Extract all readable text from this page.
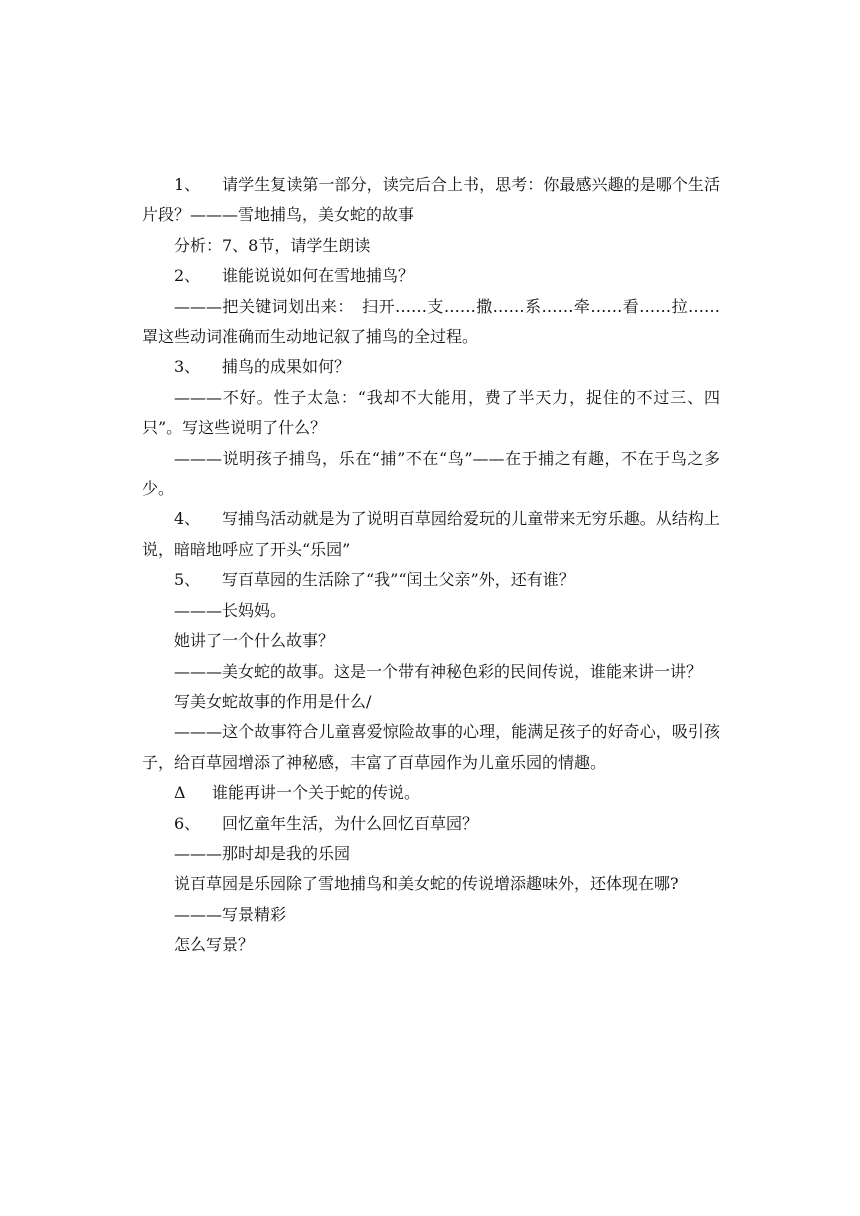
1、 请学生复读第一部分，读完后合上书，思考：你最感兴趣的是哪个生活片段？———雪地捕鸟，美女蛇的故事

分析：7、8节，请学生朗读

2、 谁能说说如何在雪地捕鸟？

———把关键词划出来：　扫开……支……撒……系……牵……看……拉……罩这些动词准确而生动地记叙了捕鸟的全过程。

3、 捕鸟的成果如何？

———不好。性子太急：“我却不大能用，费了半天力，捉住的不过三、四只”。写这些说明了什么？

———说明孩子捕鸟，乐在“捕”不在“鸟”——在于捕之有趣，不在于鸟之多少。

4、 写捕鸟活动就是为了说明百草园给爱玩的儿童带来无穷乐趣。从结构上说，暗暗地呼应了开头“乐园”

5、 写百草园的生活除了“我”“闰土父亲”外，还有谁？

———长妈妈。

她讲了一个什么故事？

———美女蛇的故事。这是一个带有神秘色彩的民间传说，谁能来讲一讲？

写美女蛇故事的作用是什么/

———这个故事符合儿童喜爱惊险故事的心理，能满足孩子的好奇心，吸引孩子，给百草园增添了神秘感，丰富了百草园作为儿童乐园的情趣。

Δ 谁能再讲一个关于蛇的传说。

6、 回忆童年生活，为什么回忆百草园？

———那时却是我的乐园

说百草园是乐园除了雪地捕鸟和美女蛇的传说增添趣味外，还体现在哪?

———写景精彩

怎么写景？
